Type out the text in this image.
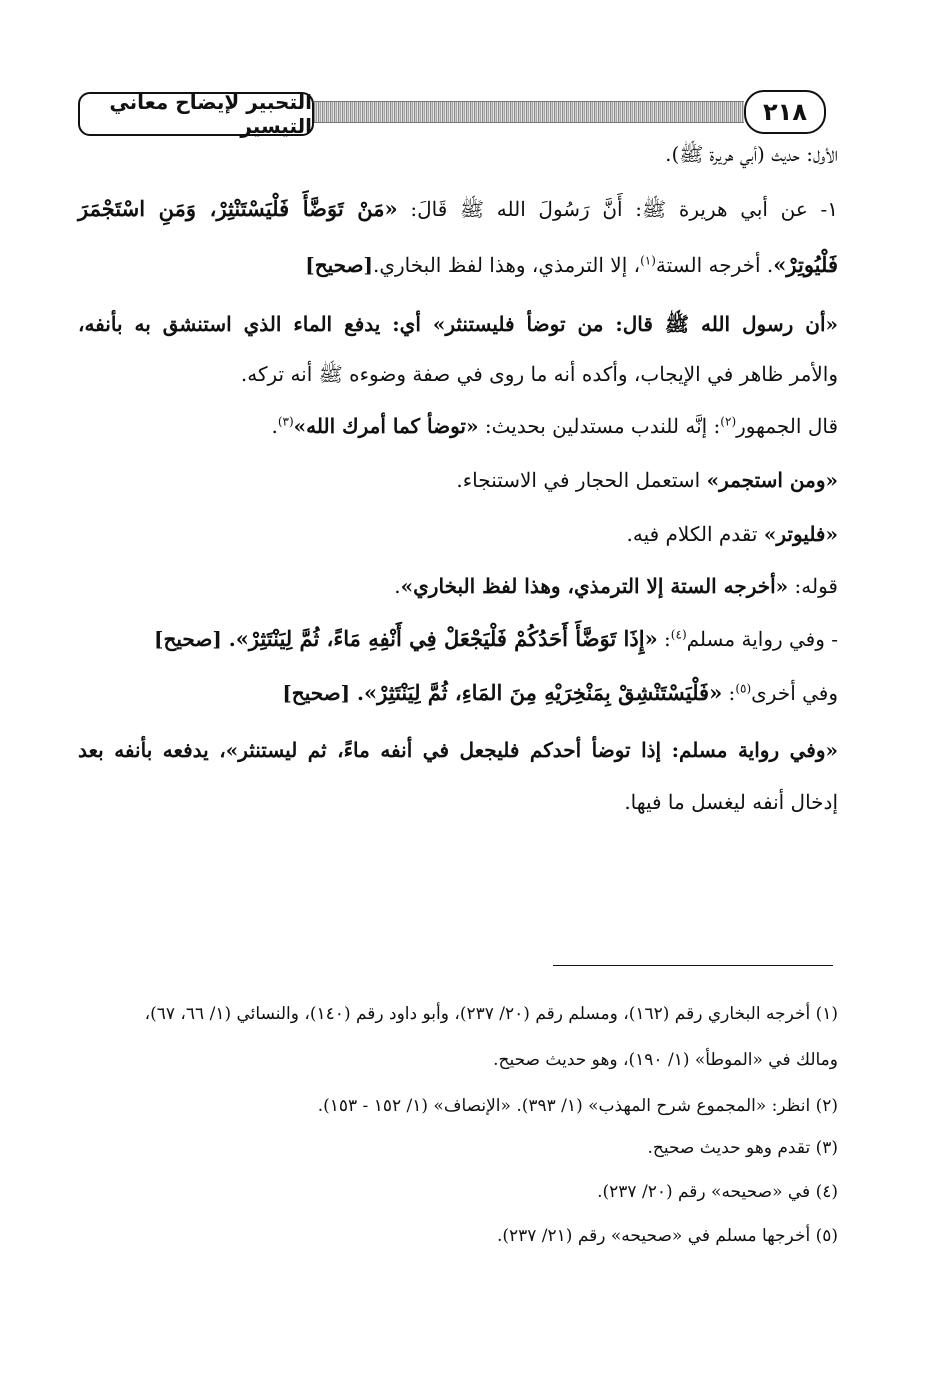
التحبير لإيضاح معاني التيسير	٢١٨
الأول: حديث (أبي هريرة ﷺ).
١- عن أبي هريرة ﷺ: أَنَّ رَسُولَ الله ﷺ قَالَ: «مَنْ تَوَضَّأَ فَلْيَسْتَنْثِرْ، وَمَنِ اسْتَجْمَرَ
فَلْيُوتِرْ». أخرجه الستة$^{(١)}$، إلا الترمذي، وهذا لفظ البخاري.[صحيح]
«أن رسول الله ﷺ قال: من توضأ فليستنثر» أي: يدفع الماء الذي استنشق به بأنفه،
والأمر ظاهر في الإيجاب، وأكده أنه ما روى في صفة وضوءه ﷺ أنه تركه.
قال الجمهور$^{(٢)}$: إنَّه للندب مستدلين بحديث: «توضأ كما أمرك الله»$^{(٣)}$.
«ومن استجمر» استعمل الحجار في الاستنجاء.
«فليوتر» تقدم الكلام فيه.
قوله: «أخرجه الستة إلا الترمذي، وهذا لفظ البخاري».
- وفي رواية مسلم$^{(٤)}$: «إِذَا تَوَضَّأَ أَحَدُكُمْ فَلْيَجْعَلْ فِي أَنْفِهِ مَاءً، ثُمَّ لِيَنْتَثِرْ». [صحيح]
وفي أخرى$^{(٥)}$: «فَلْيَسْتَنْشِقْ بِمَنْخِرَيْهِ مِنَ المَاءِ، ثُمَّ لِيَنْتَثِرْ». [صحيح]
«وفي رواية مسلم: إذا توضأ أحدكم فليجعل في أنفه ماءً، ثم ليستنثر»، يدفعه بأنفه بعد
إدخال أنفه ليغسل ما فيها.
(١) أخرجه البخاري رقم (١٦٢)، ومسلم رقم (٢٠/ ٢٣٧)، وأبو داود رقم (١٤٠)، والنسائي (١/ ٦٦، ٦٧)،
ومالك في «الموطأ» (١/ ١٩٠)، وهو حديث صحيح.
(٢) انظر: «المجموع شرح المهذب» (١/ ٣٩٣). «الإنصاف» (١/ ١٥٢ - ١٥٣).
(٣) تقدم وهو حديث صحيح.
(٤) في «صحيحه» رقم (٢٠/ ٢٣٧).
(٥) أخرجها مسلم في «صحيحه» رقم (٢١/ ٢٣٧).
